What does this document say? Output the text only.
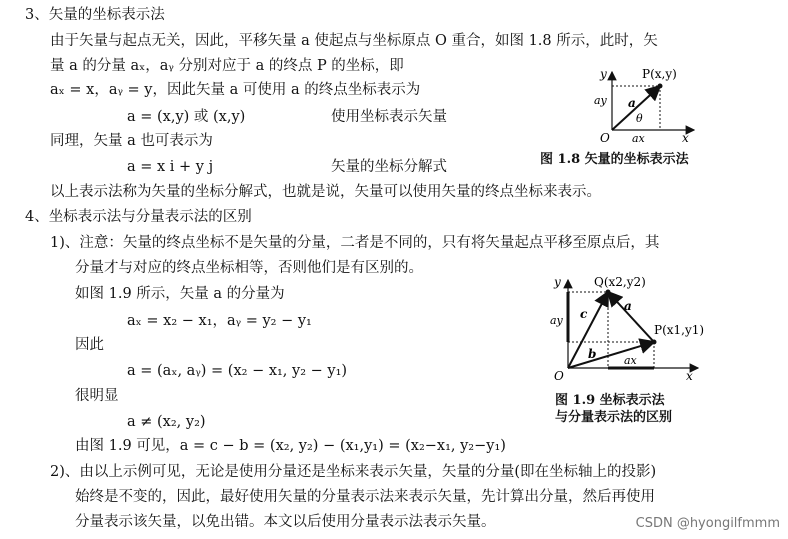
3、矢量的坐标表示法
由于矢量与起点无关，因此，平移矢量 a 使起点与坐标原点 O 重合，如图 1.8 所示，此时，矢
量 a 的分量 aₓ，aᵧ 分别对应于 a 的终点 P 的坐标，即
aₓ = x，aᵧ = y，因此矢量 a 可使用 a 的终点坐标表示为
a = (x,y) 或 (x,y)	使用坐标表示矢量
同理，矢量 a 也可表示为
a = x i + y j	矢量的坐标分解式
以上表示法称为矢量的坐标分解式，也就是说，矢量可以使用矢量的终点坐标来表示。
4、坐标表示法与分量表示法的区别
1)、注意：矢量的终点坐标不是矢量的分量，二者是不同的，只有将矢量起点平移至原点后，其
分量才与对应的终点坐标相等，否则他们是有区别的。
如图 1.9 所示，矢量 a 的分量为
aₓ = x₂ − x₁，aᵧ = y₂ − y₁
因此
a = (aₓ, aᵧ) = (x₂ − x₁, y₂ − y₁)
很明显
a ≠ (x₂, y₂)
由图 1.9 可见，a = c − b = (x₂, y₂) − (x₁,y₁) = (x₂−x₁, y₂−y₁)
2)、由以上示例可见，无论是使用分量还是坐标来表示矢量，矢量的分量(即在坐标轴上的投影)
始终是不变的，因此，最好使用矢量的分量表示法来表示矢量，先计算出分量，然后再使用
分量表示该矢量，以免出错。本文以后使用分量表示法表示矢量。
y
x
O
P(x,y)
ay a
θ
ax
图 1.8 矢量的坐标表示法
y
x
O
Q(x2,y2)
P(x1,y1)
c
a
b
ay
ax
图 1.9 坐标表示法
与分量表示法的区别
CSDN @hyongilfmmm
